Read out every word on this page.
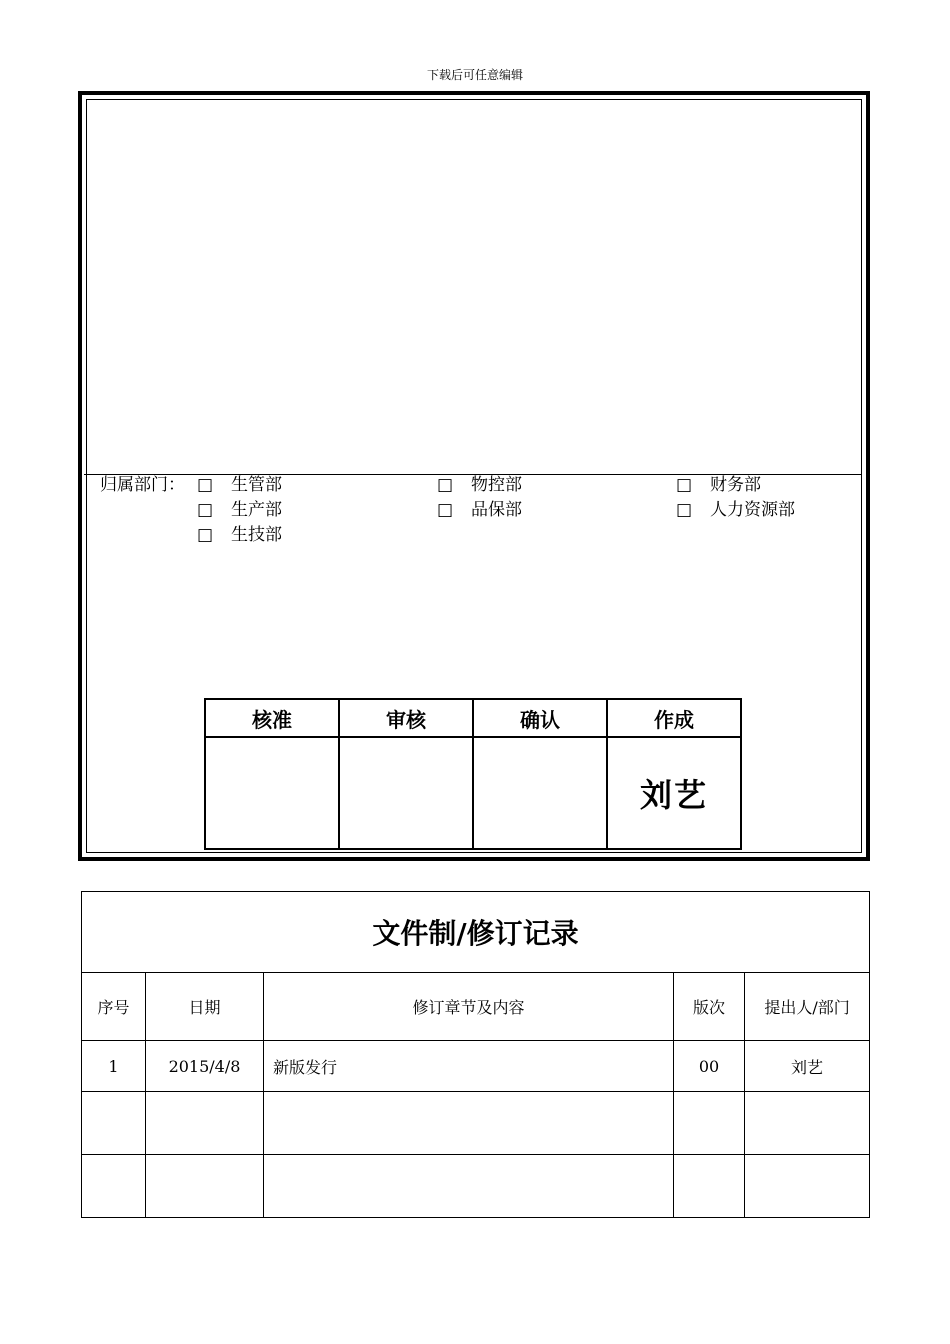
下载后可任意编辑
归属部门： □ 生管部	□ 物控部	□ 财务部
□ 生产部	□ 品保部	□ 人力资源部
□ 生技部
核准	审核	确认	作成
			刘艺
文件制/修订记录				
序号	日期	修订章节及内容	版次	提出人/部门
1	2015/4/8	新版发行	00	刘艺
